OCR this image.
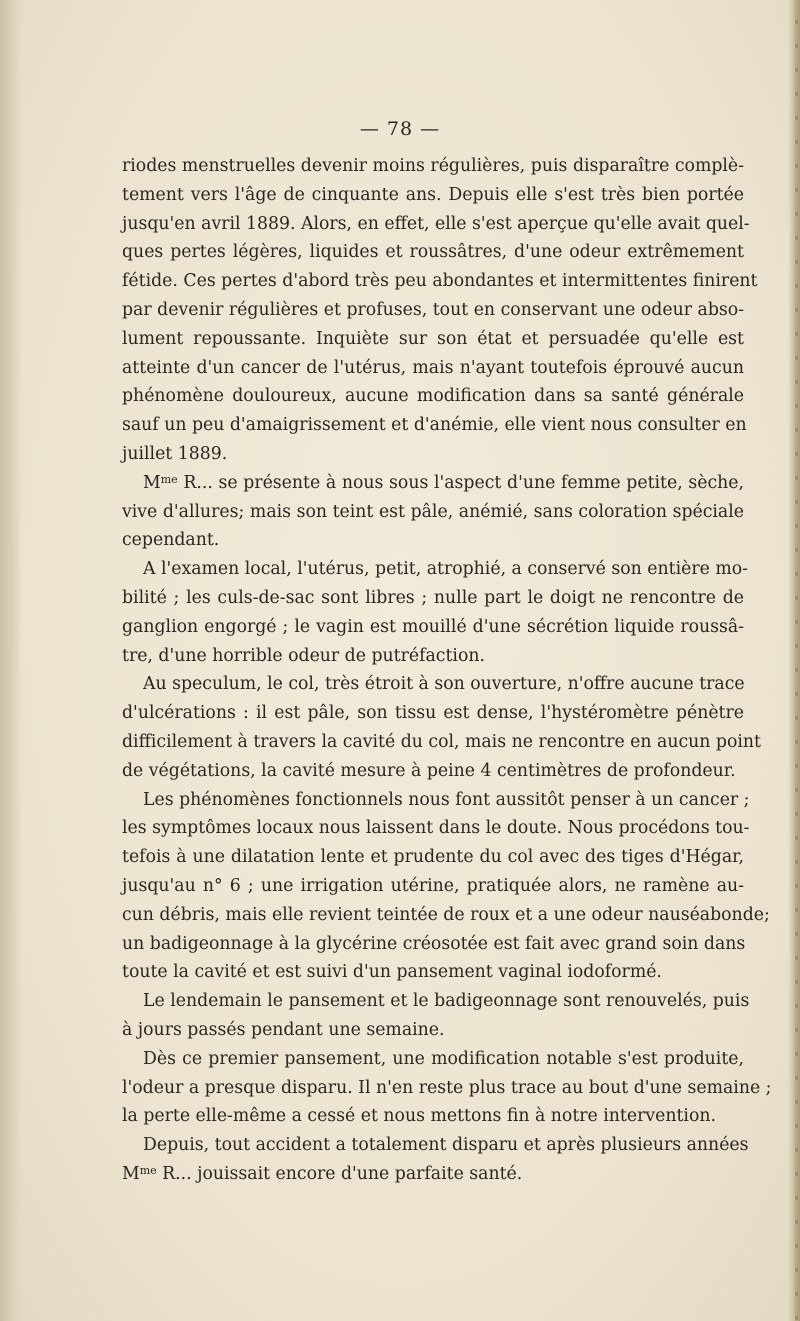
— 78 —

riodes menstruelles devenir moins régulières, puis disparaître complè-
tement vers l'âge de cinquante ans. Depuis elle s'est très bien portée
jusqu'en avril 1889. Alors, en effet, elle s'est aperçue qu'elle avait quel-
ques pertes légères, liquides et roussâtres, d'une odeur extrêmement
fétide. Ces pertes d'abord très peu abondantes et intermittentes finirent
par devenir régulières et profuses, tout en conservant une odeur abso-
lument repoussante. Inquiète sur son état et persuadée qu'elle est
atteinte d'un cancer de l'utérus, mais n'ayant toutefois éprouvé aucun
phénomène douloureux, aucune modification dans sa santé générale
sauf un peu d'amaigrissement et d'anémie, elle vient nous consulter en
juillet 1889.

$M^{me}$ R... se présente à nous sous l'aspect d'une femme petite, sèche,
vive d'allures; mais son teint est pâle, anémié, sans coloration spéciale
cependant.

A l'examen local, l'utérus, petit, atrophié, a conservé son entière mo-
bilité ; les culs-de-sac sont libres ; nulle part le doigt ne rencontre de
ganglion engorgé ; le vagin est mouillé d'une sécrétion liquide roussâ-
tre, d'une horrible odeur de putréfaction.

Au speculum, le col, très étroit à son ouverture, n'offre aucune trace
d'ulcérations : il est pâle, son tissu est dense, l'hystéromètre pénètre
difficilement à travers la cavité du col, mais ne rencontre en aucun point
de végétations, la cavité mesure à peine 4 centimètres de profondeur.

Les phénomènes fonctionnels nous font aussitôt penser à un cancer ;
les symptômes locaux nous laissent dans le doute. Nous procédons tou-
tefois à une dilatation lente et prudente du col avec des tiges d'Hégar,
jusqu'au n° 6 ; une irrigation utérine, pratiquée alors, ne ramène au-
cun débris, mais elle revient teintée de roux et a une odeur nauséabonde;
un badigeonnage à la glycérine créosotée est fait avec grand soin dans
toute la cavité et est suivi d'un pansement vaginal iodoformé.

Le lendemain le pansement et le badigeonnage sont renouvelés, puis
à jours passés pendant une semaine.

Dès ce premier pansement, une modification notable s'est produite,
l'odeur a presque disparu. Il n'en reste plus trace au bout d'une semaine ;
la perte elle-même a cessé et nous mettons fin à notre intervention.

Depuis, tout accident a totalement disparu et après plusieurs années
$M^{me}$ R... jouissait encore d'une parfaite santé.
